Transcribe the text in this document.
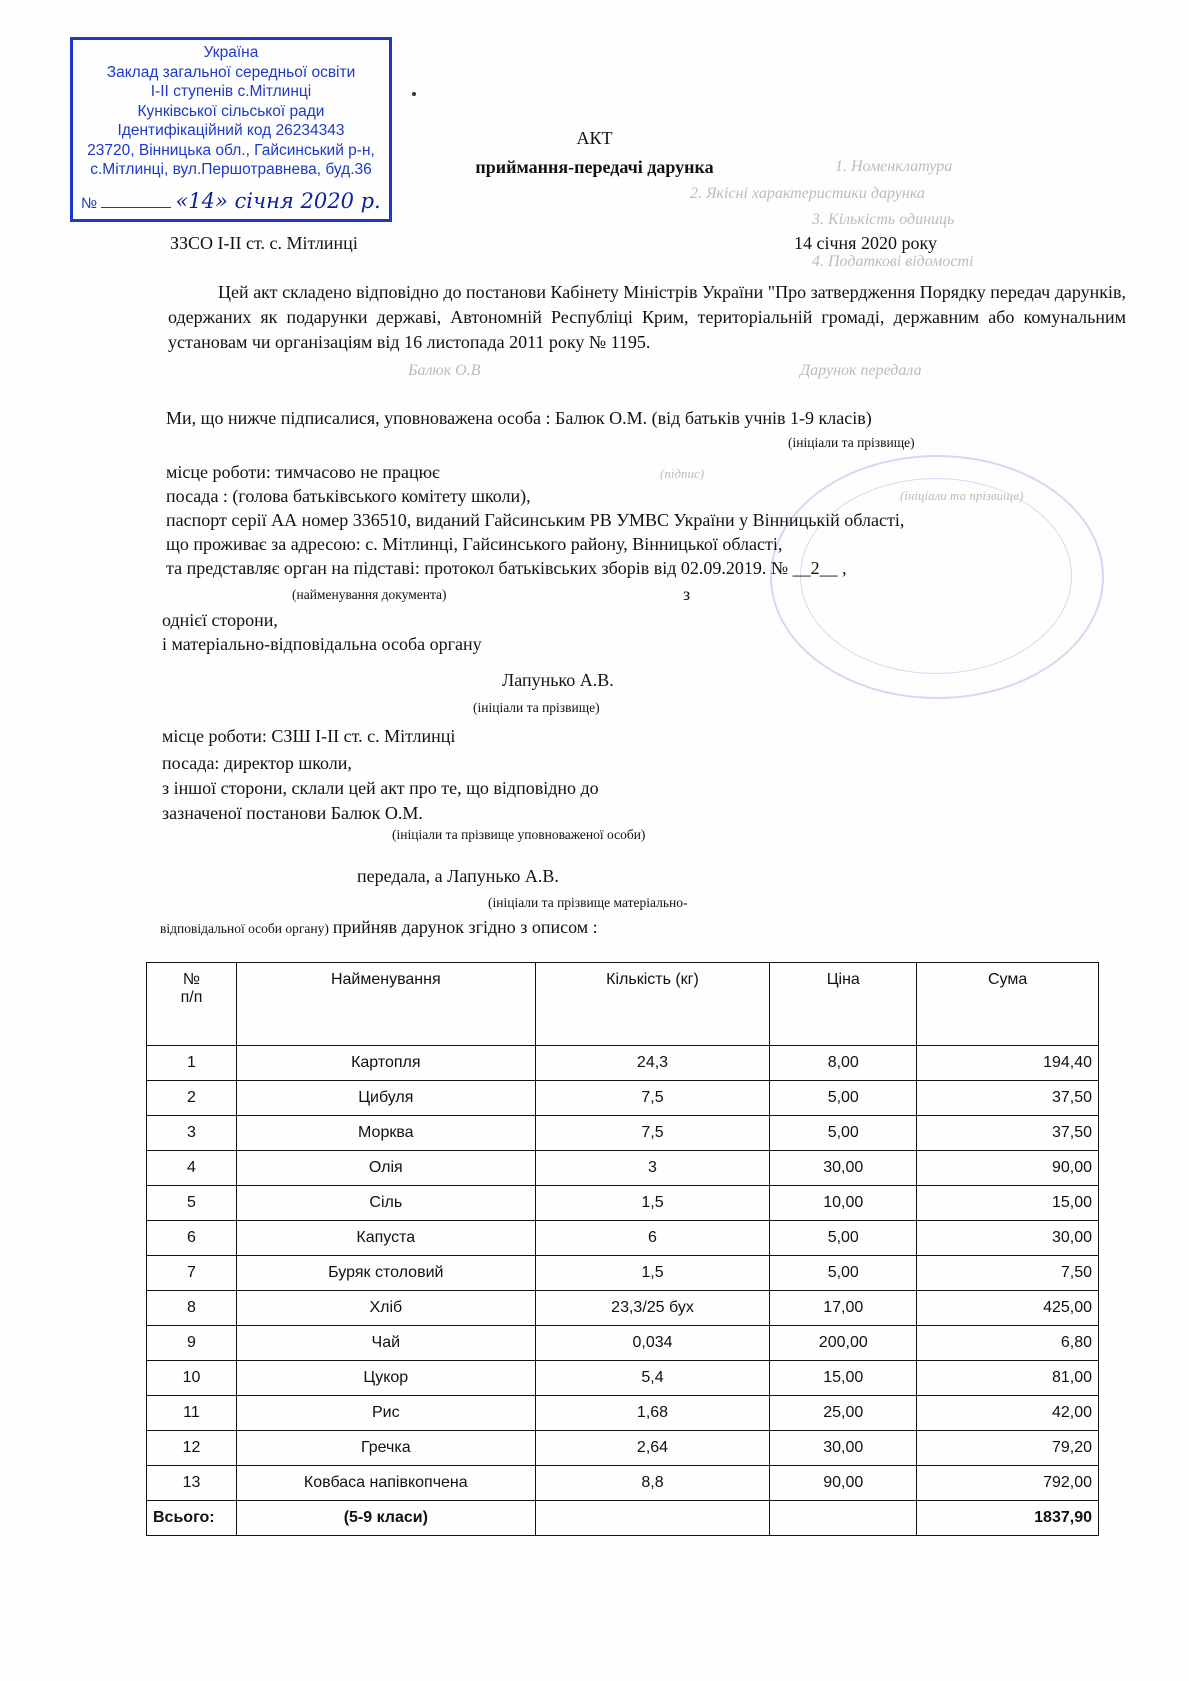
1. Номенклатура
2. Якісні характеристики дарунка
3. Кількість одиниць
4. Податкові відомості
Балюк О.В	Дарунок передала
(підпис)
(ініціали та прізвище)
Україна
Заклад загальної середньої освіти
I-II ступенів с.Мітлинці
Кунківської сільської ради
Ідентифікаційний код 26234343
23720, Вінницька обл., Гайсинський р-н,
с.Мітлинці, вул.Першотравнева, буд.36
№	«14» січня 2020 р.
АКТ
приймання-передачі дарунка
ЗЗСО І-ІІ ст. с. Мітлинці	14 січня 2020 року
Цей акт складено відповідно до постанови Кабінету Міністрів України "Про затвердження Порядку передач дарунків, одержаних як подарунки державі, Автономній Республіці Крим, територіальній громаді, державним або комунальним установам чи організаціям від 16 листопада 2011 року № 1195.
Ми, що нижче підписалися, уповноважена особа : Балюк О.М. (від батьків учнів 1-9 класів)
(ініціали та прізвище)
місце роботи: тимчасово не працює
посада : (голова батьківського комітету школи),
паспорт серії АА номер 336510, виданий Гайсинським РВ УМВС України у Вінницькій області,
що проживає за адресою: с. Мітлинці, Гайсинського району, Вінницької області,
та представляє орган на підставі: протокол батьківських зборів від 02.09.2019. № __2__ ,
(найменування документа)	з
однієї сторони,
і матеріально-відповідальна особа органу
Лапунько А.В.
(ініціали та прізвище)
місце роботи: СЗШ І-ІІ ст. с. Мітлинці
посада: директор школи,
з іншої сторони, склали цей акт про те, що відповідно до
зазначеної постанови Балюк О.М.
(ініціали та прізвище уповноваженої особи)
передала, а Лапунько А.В.
(ініціали та прізвище матеріально-
відповідальної особи органу) прийняв дарунок згідно з описом :
№
п/п	Найменування	Кількість (кг)	Ціна	Сума
1	Картопля	24,3	8,00	194,40
2	Цибуля	7,5	5,00	37,50
3	Морква	7,5	5,00	37,50
4	Олія	3	30,00	90,00
5	Сіль	1,5	10,00	15,00
6	Капуста	6	5,00	30,00
7	Буряк столовий	1,5	5,00	7,50
8	Хліб	23,3/25 бух	17,00	425,00
9	Чай	0,034	200,00	6,80
10	Цукор	5,4	15,00	81,00
11	Рис	1,68	25,00	42,00
12	Гречка	2,64	30,00	79,20
13	Ковбаса напівкопчена	8,8	90,00	792,00
Всього:	(5-9 класи)			1837,90
